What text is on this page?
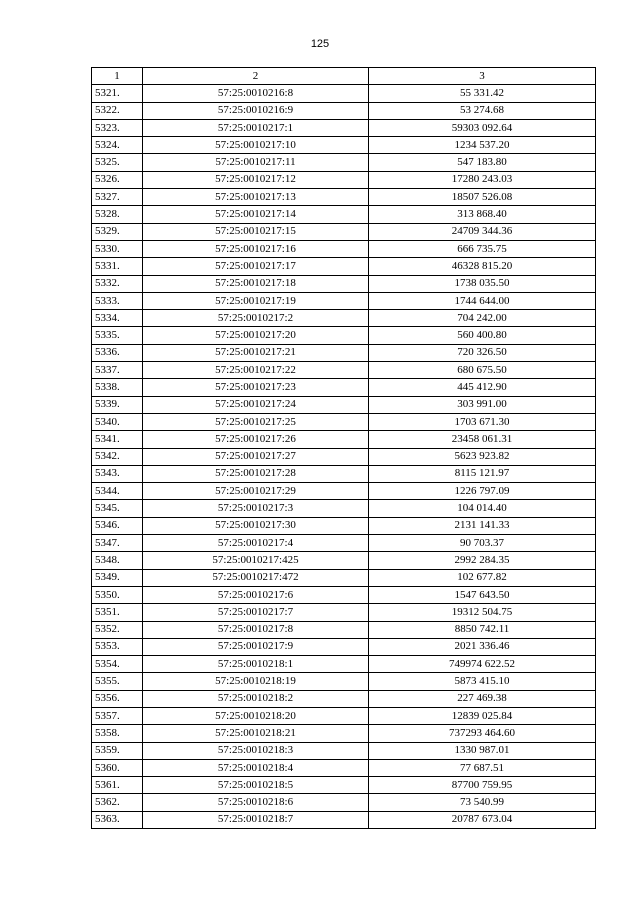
125
1	2	3
5321.	57:25:0010216:8	55 331.42
5322.	57:25:0010216:9	53 274.68
5323.	57:25:0010217:1	59303 092.64
5324.	57:25:0010217:10	1234 537.20
5325.	57:25:0010217:11	547 183.80
5326.	57:25:0010217:12	17280 243.03
5327.	57:25:0010217:13	18507 526.08
5328.	57:25:0010217:14	313 868.40
5329.	57:25:0010217:15	24709 344.36
5330.	57:25:0010217:16	666 735.75
5331.	57:25:0010217:17	46328 815.20
5332.	57:25:0010217:18	1738 035.50
5333.	57:25:0010217:19	1744 644.00
5334.	57:25:0010217:2	704 242.00
5335.	57:25:0010217:20	560 400.80
5336.	57:25:0010217:21	720 326.50
5337.	57:25:0010217:22	680 675.50
5338.	57:25:0010217:23	445 412.90
5339.	57:25:0010217:24	303 991.00
5340.	57:25:0010217:25	1703 671.30
5341.	57:25:0010217:26	23458 061.31
5342.	57:25:0010217:27	5623 923.82
5343.	57:25:0010217:28	8115 121.97
5344.	57:25:0010217:29	1226 797.09
5345.	57:25:0010217:3	104 014.40
5346.	57:25:0010217:30	2131 141.33
5347.	57:25:0010217:4	90 703.37
5348.	57:25:0010217:425	2992 284.35
5349.	57:25:0010217:472	102 677.82
5350.	57:25:0010217:6	1547 643.50
5351.	57:25:0010217:7	19312 504.75
5352.	57:25:0010217:8	8850 742.11
5353.	57:25:0010217:9	2021 336.46
5354.	57:25:0010218:1	749974 622.52
5355.	57:25:0010218:19	5873 415.10
5356.	57:25:0010218:2	227 469.38
5357.	57:25:0010218:20	12839 025.84
5358.	57:25:0010218:21	737293 464.60
5359.	57:25:0010218:3	1330 987.01
5360.	57:25:0010218:4	77 687.51
5361.	57:25:0010218:5	87700 759.95
5362.	57:25:0010218:6	73 540.99
5363.	57:25:0010218:7	20787 673.04
